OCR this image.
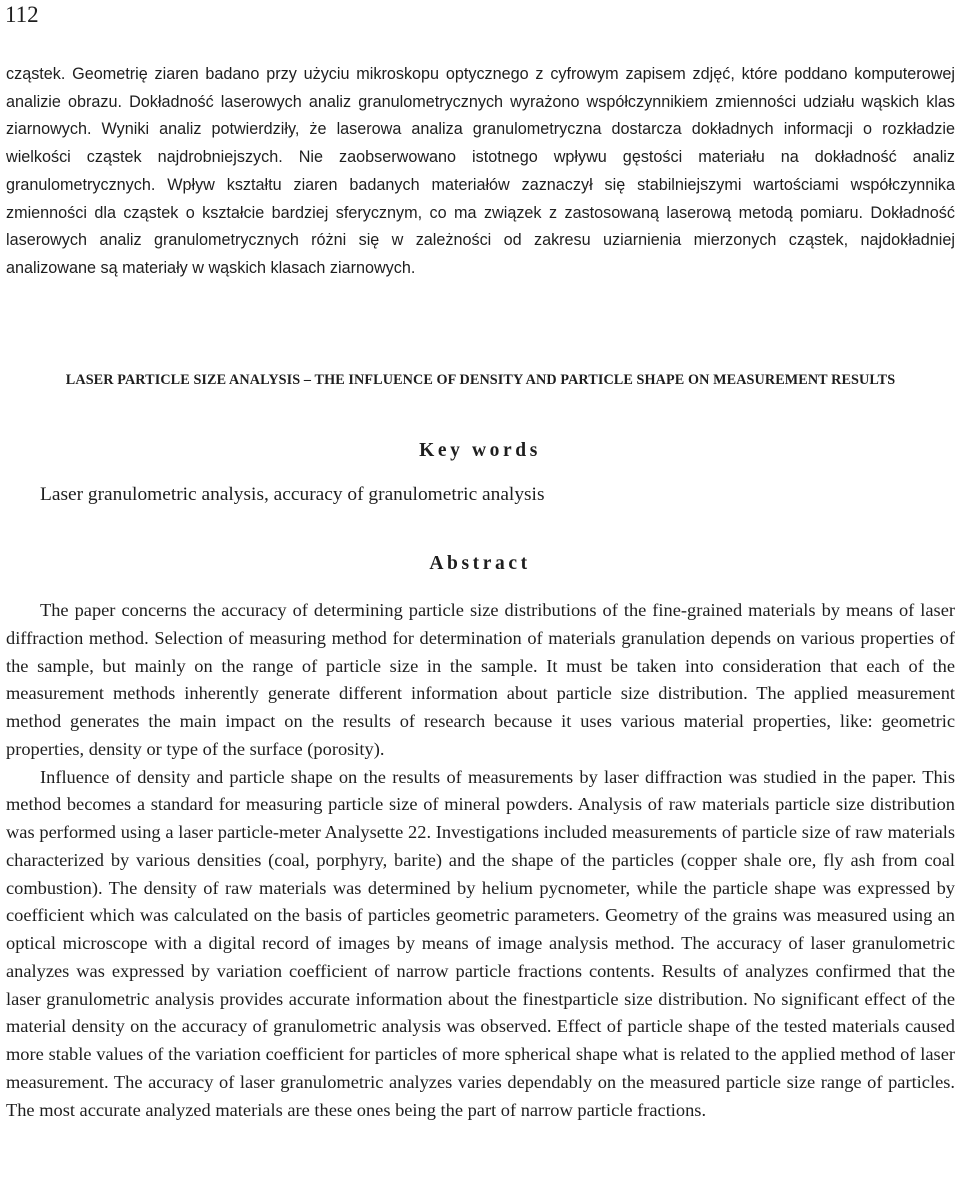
112

cząstek. Geometrię ziaren badano przy użyciu mikroskopu optycznego z cyfrowym zapisem zdjęć, które poddano komputerowej analizie obrazu. Dokładność laserowych analiz granulometrycznych wyrażono współczynnikiem zmienności udziału wąskich klas ziarnowych. Wyniki analiz potwierdziły, że laserowa analiza granulometryczna dostarcza dokładnych informacji o rozkładzie wielkości cząstek najdrobniejszych. Nie zaobserwowano istotnego wpływu gęstości materiału na dokładność analiz granulometrycznych. Wpływ kształtu ziaren badanych materiałów zaznaczył się stabilniejszymi wartościami współczynnika zmienności dla cząstek o kształcie bardziej sferycznym, co ma związek z zastosowaną laserową metodą pomiaru. Dokładność laserowych analiz granulometrycznych różni się w zależności od zakresu uziarnienia mierzonych cząstek, najdokładniej analizowane są materiały w wąskich klasach ziarnowych.

LASER PARTICLE SIZE ANALYSIS – THE INFLUENCE OF DENSITY AND PARTICLE SHAPE ON MEASUREMENT RESULTS
Key words

Laser granulometric analysis, accuracy of granulometric analysis

Abstract

The paper concerns the accuracy of determining particle size distributions of the fine-grained materials by means of laser diffraction method. Selection of measuring method for determination of materials granulation depends on various properties of the sample, but mainly on the range of particle size in the sample. It must be taken into consideration that each of the measurement methods inherently generate different information about particle size distribution. The applied measurement method generates the main impact on the results of research because it uses various material properties, like: geometric properties, density or type of the surface (porosity).

Influence of density and particle shape on the results of measurements by laser diffraction was studied in the paper. This method becomes a standard for measuring particle size of mineral powders. Analysis of raw materials particle size distribution was performed using a laser particle-meter Analysette 22. Investigations included measurements of particle size of raw materials characterized by various densities (coal, porphyry, barite) and the shape of the particles (copper shale ore, fly ash from coal combustion). The density of raw materials was determined by helium pycnometer, while the particle shape was expressed by coefficient which was calculated on the basis of particles geometric parameters. Geometry of the grains was measured using an optical microscope with a digital record of images by means of image analysis method. The accuracy of laser granulometric analyzes was expressed by variation coefficient of narrow particle fractions contents. Results of analyzes confirmed that the laser granulometric analysis provides accurate information about the finestparticle size distribution. No significant effect of the material density on the accuracy of granulometric analysis was observed. Effect of particle shape of the tested materials caused more stable values of the variation coefficient for particles of more spherical shape what is related to the applied method of laser measurement. The accuracy of laser granulometric analyzes varies dependably on the measured particle size range of particles. The most accurate analyzed materials are these ones being the part of narrow particle fractions.
